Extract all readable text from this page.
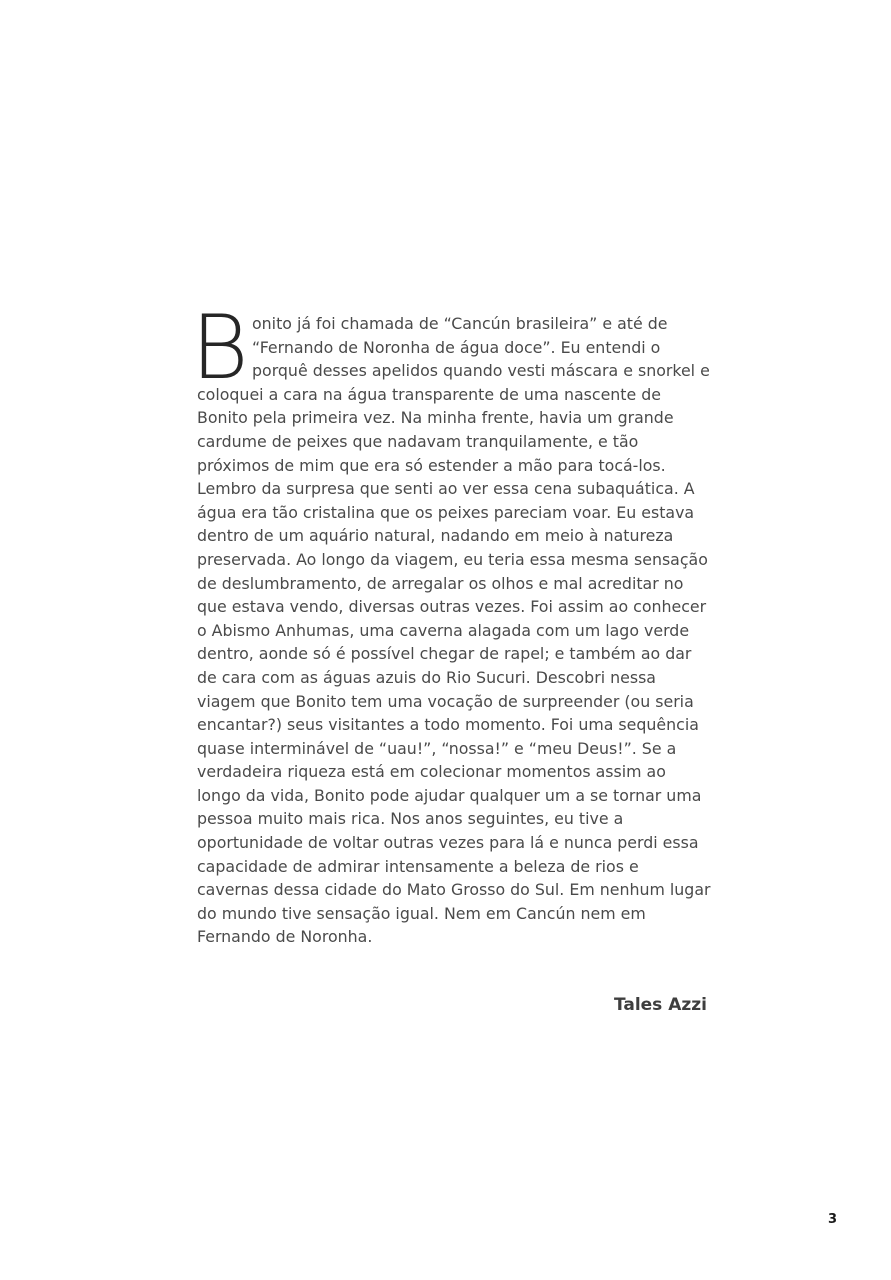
B onito já foi chamada de “Cancún brasileira” e até de
“Fernando de Noronha de água doce”. Eu entendi o
porquê desses apelidos quando vesti máscara e snorkel e
coloquei a cara na água transparente de uma nascente de
Bonito pela primeira vez. Na minha frente, havia um grande
cardume de peixes que nadavam tranquilamente, e tão
próximos de mim que era só estender a mão para tocá-los.
Lembro da surpresa que senti ao ver essa cena subaquática. A
água era tão cristalina que os peixes pareciam voar. Eu estava
dentro de um aquário natural, nadando em meio à natureza
preservada. Ao longo da viagem, eu teria essa mesma sensação
de deslumbramento, de arregalar os olhos e mal acreditar no
que estava vendo, diversas outras vezes. Foi assim ao conhecer
o Abismo Anhumas, uma caverna alagada com um lago verde
dentro, aonde só é possível chegar de rapel; e também ao dar
de cara com as águas azuis do Rio Sucuri. Descobri nessa
viagem que Bonito tem uma vocação de surpreender (ou seria
encantar?) seus visitantes a todo momento. Foi uma sequência
quase interminável de “uau!”, “nossa!” e “meu Deus!”. Se a
verdadeira riqueza está em colecionar momentos assim ao
longo da vida, Bonito pode ajudar qualquer um a se tornar uma
pessoa muito mais rica. Nos anos seguintes, eu tive a
oportunidade de voltar outras vezes para lá e nunca perdi essa
capacidade de admirar intensamente a beleza de rios e
cavernas dessa cidade do Mato Grosso do Sul. Em nenhum lugar
do mundo tive sensação igual. Nem em Cancún nem em
Fernando de Noronha.
Tales Azzi
3
